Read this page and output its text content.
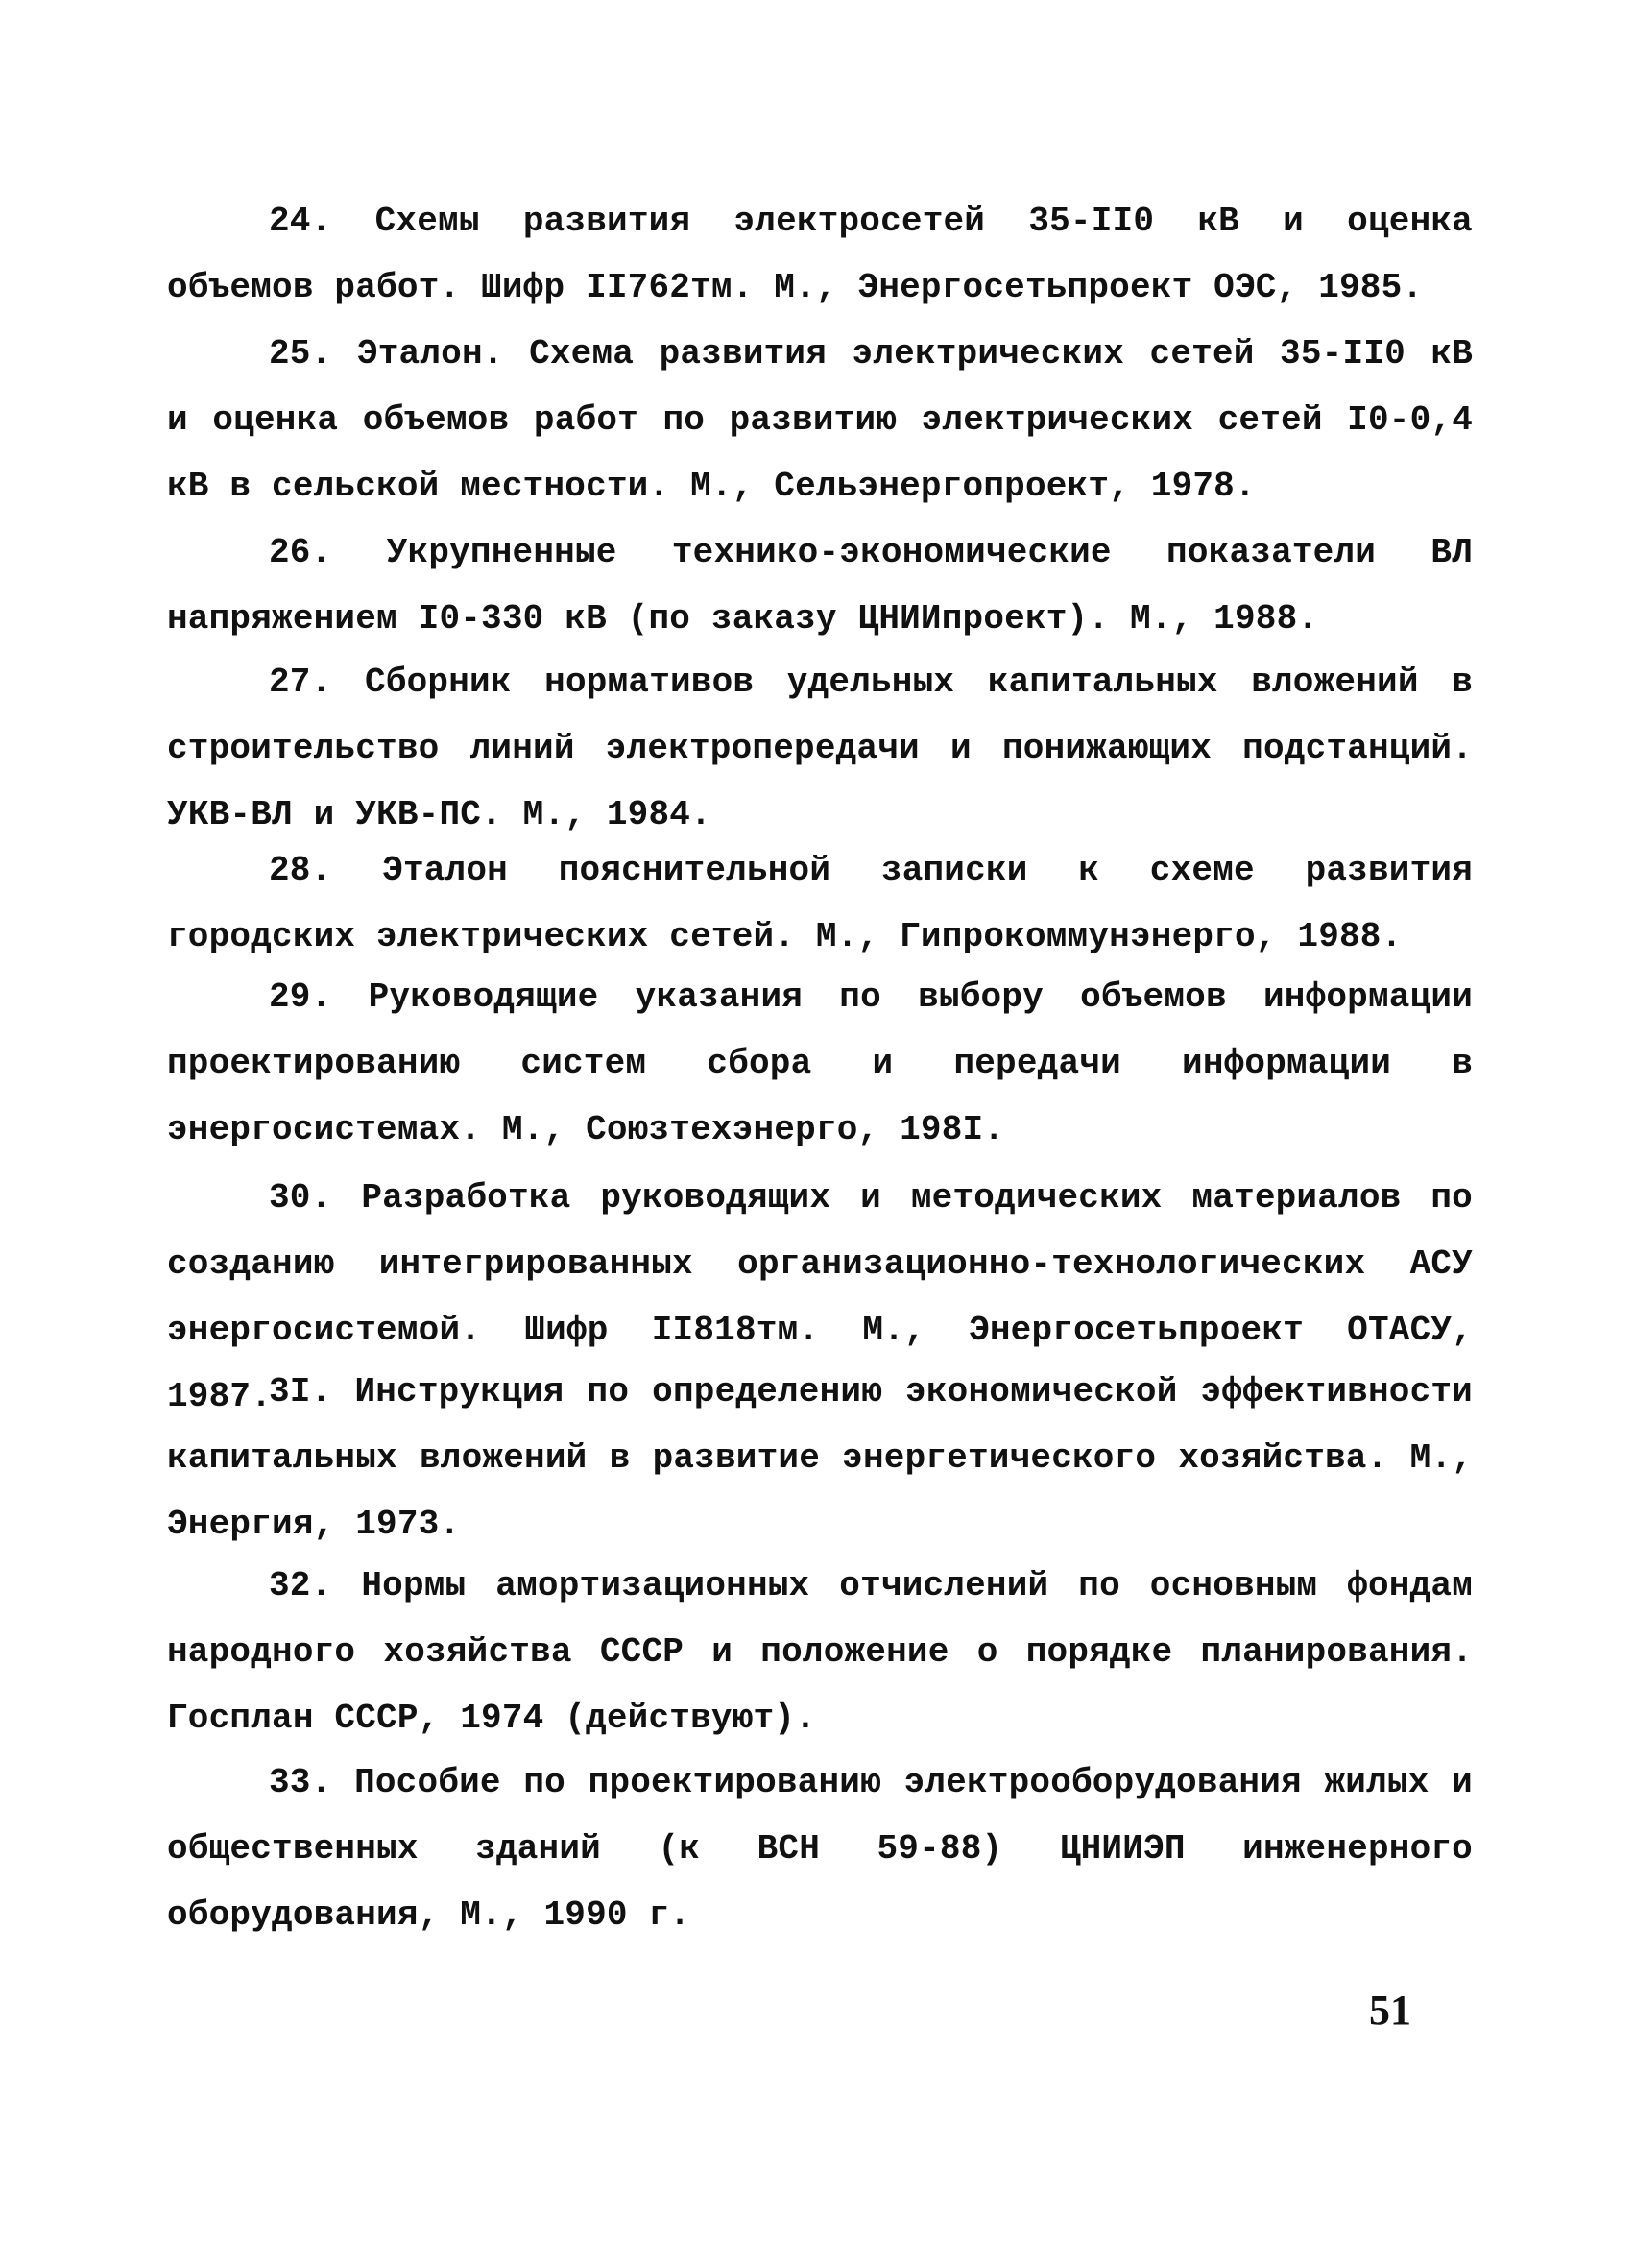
24. Схемы развития электросетей 35-II0 кВ и оценка объемов работ. Шифр II762тм. М., Энергосетьпроект ОЭС, 1985.

25. Эталон. Схема развития электрических сетей 35-II0 кВ и оценка объемов работ по развитию электрических сетей I0-0,4 кВ в сельской местности. М., Сельэнергопроект, 1978.

26. Укрупненные технико-экономические показатели ВЛ напряжением I0-330 кВ (по заказу ЦНИИпроект). М., 1988.

27. Сборник нормативов удельных капитальных вложений в строительство линий электропередачи и понижающих подстанций. УКВ-ВЛ и УКВ-ПС. М., 1984.

28. Эталон пояснительной записки к схеме развития городских электрических сетей. М., Гипрокоммунэнерго, 1988.

29. Руководящие указания по выбору объемов информации проектированию систем сбора и передачи информации в энергосистемах. М., Союзтехэнерго, 198I.

30. Разработка руководящих и методических материалов по созданию интегрированных организационно-технологических АСУ энергосистемой. Шифр II818тм. М., Энергосетьпроект ОТАСУ, 1987.

3I. Инструкция по определению экономической эффективности капитальных вложений в развитие энергетического хозяйства. М., Энергия, 1973.

32. Нормы амортизационных отчислений по основным фондам народного хозяйства СССР и положение о порядке планирования. Госплан СССР, 1974 (действуют).

33. Пособие по проектированию электрооборудования жилых и общественных зданий (к ВСН 59-88) ЦНИИЭП инженерного оборудования, М., 1990 г.

51
